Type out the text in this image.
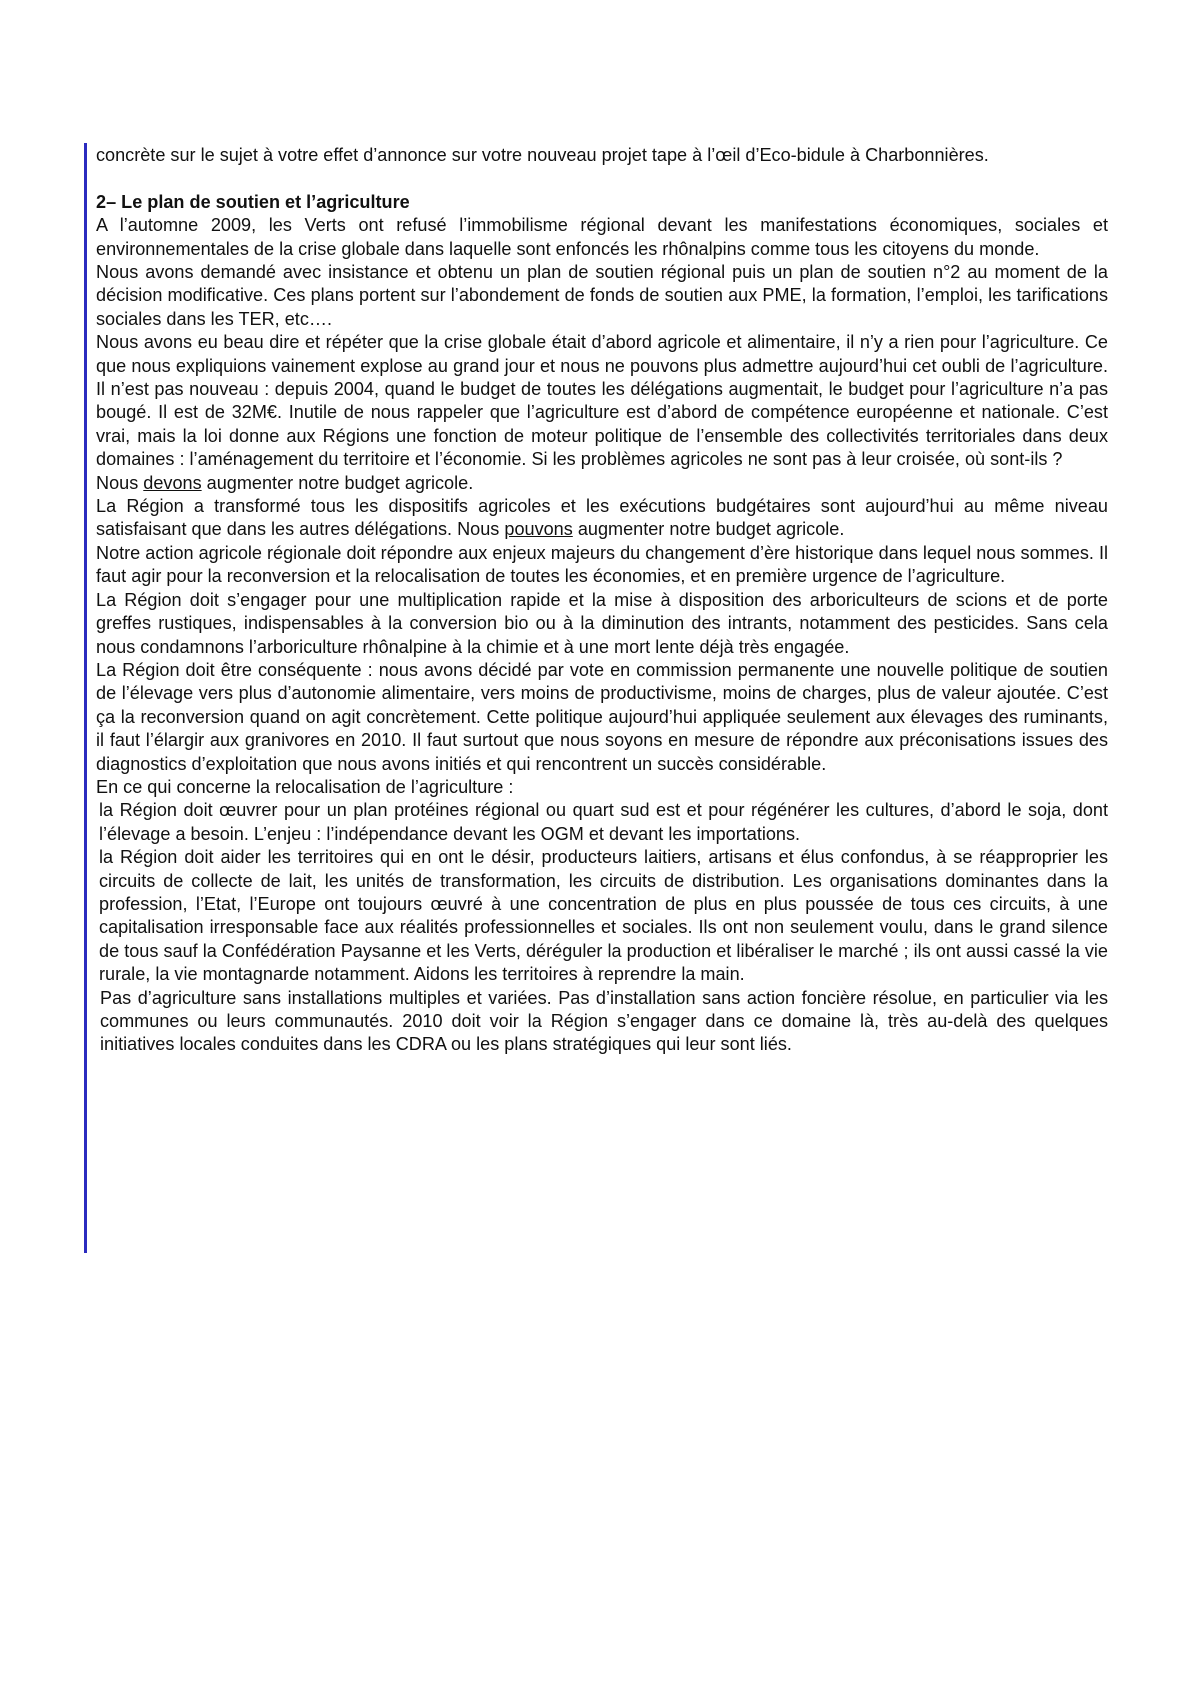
concrète sur le sujet à votre effet d’annonce sur votre nouveau projet tape à l’œil d’Eco-bidule à Charbonnières.

2– Le plan de soutien et l’agriculture

A l’automne 2009, les Verts ont refusé l’immobilisme régional devant les manifestations économiques, sociales et environnementales de la crise globale dans laquelle sont enfoncés les rhônalpins comme tous les citoyens du monde.

Nous avons demandé avec insistance et obtenu un plan de soutien régional puis un plan de soutien n°2 au moment de la décision modificative. Ces plans portent sur l’abondement de fonds de soutien aux PME, la formation, l’emploi, les tarifications sociales dans les TER, etc….

Nous avons eu beau dire et répéter que la crise globale était d’abord agricole et alimentaire, il n’y a rien pour l’agriculture. Ce que nous expliquions vainement explose au grand jour et nous ne pouvons plus admettre aujourd’hui cet oubli de l’agriculture. Il n’est pas nouveau : depuis 2004, quand le budget de toutes les délégations augmentait, le budget pour l’agriculture n’a pas bougé. Il est de 32M€. Inutile de nous rappeler que l’agriculture est d’abord de compétence européenne et nationale. C’est vrai, mais la loi donne aux Régions une fonction de moteur politique de l’ensemble des collectivités territoriales dans deux domaines : l’aménagement du territoire et l’économie. Si les problèmes agricoles ne sont pas à leur croisée, où sont-ils ?

Nous devons augmenter notre budget agricole.

La Région a transformé tous les dispositifs agricoles et les exécutions budgétaires sont aujourd’hui au même niveau satisfaisant que dans les autres délégations. Nous pouvons augmenter notre budget agricole.

Notre action agricole régionale doit répondre aux enjeux majeurs du changement d’ère historique dans lequel nous sommes. Il faut agir pour la reconversion et la relocalisation de toutes les économies, et en première urgence de l’agriculture.

La Région doit s’engager pour une multiplication rapide et la mise à disposition des arboriculteurs de scions et de porte greffes rustiques, indispensables à la conversion bio ou à la diminution des intrants, notamment des pesticides. Sans cela nous condamnons l’arboriculture rhônalpine à la chimie et à une mort lente déjà très engagée.

La Région doit être conséquente : nous avons décidé par vote en commission permanente une nouvelle politique de soutien de l’élevage vers plus d’autonomie alimentaire, vers moins de productivisme, moins de charges, plus de valeur ajoutée. C’est ça la reconversion quand on agit concrètement. Cette politique aujourd’hui appliquée seulement aux élevages des ruminants, il faut l’élargir aux granivores en 2010. Il faut surtout que nous soyons en mesure de répondre aux préconisations issues des diagnostics d’exploitation que nous avons initiés et qui rencontrent un succès considérable.

En ce qui concerne la relocalisation de l’agriculture :

la Région doit œuvrer pour un plan protéines régional ou quart sud est et pour régénérer les cultures, d’abord le soja, dont l’élevage a besoin. L’enjeu : l’indépendance devant les OGM et devant les importations.

la Région doit aider les territoires qui en ont le désir, producteurs laitiers, artisans et élus confondus, à se réapproprier les circuits de collecte de lait, les unités de transformation, les circuits de distribution. Les organisations dominantes dans la profession, l’Etat, l’Europe ont toujours œuvré à une concentration de plus en plus poussée de tous ces circuits, à une capitalisation irresponsable face aux réalités professionnelles et sociales. Ils ont non seulement voulu, dans le grand silence de tous sauf la Confédération Paysanne et les Verts, déréguler la production et libéraliser le marché ; ils ont aussi cassé la vie rurale, la vie montagnarde notamment. Aidons les territoires à reprendre la main.

Pas d’agriculture sans installations multiples et variées. Pas d’installation sans action foncière résolue, en particulier via les communes ou leurs communautés. 2010 doit voir la Région s’engager dans ce domaine là, très au-delà des quelques initiatives locales conduites dans les CDRA ou les plans stratégiques qui leur sont liés.
